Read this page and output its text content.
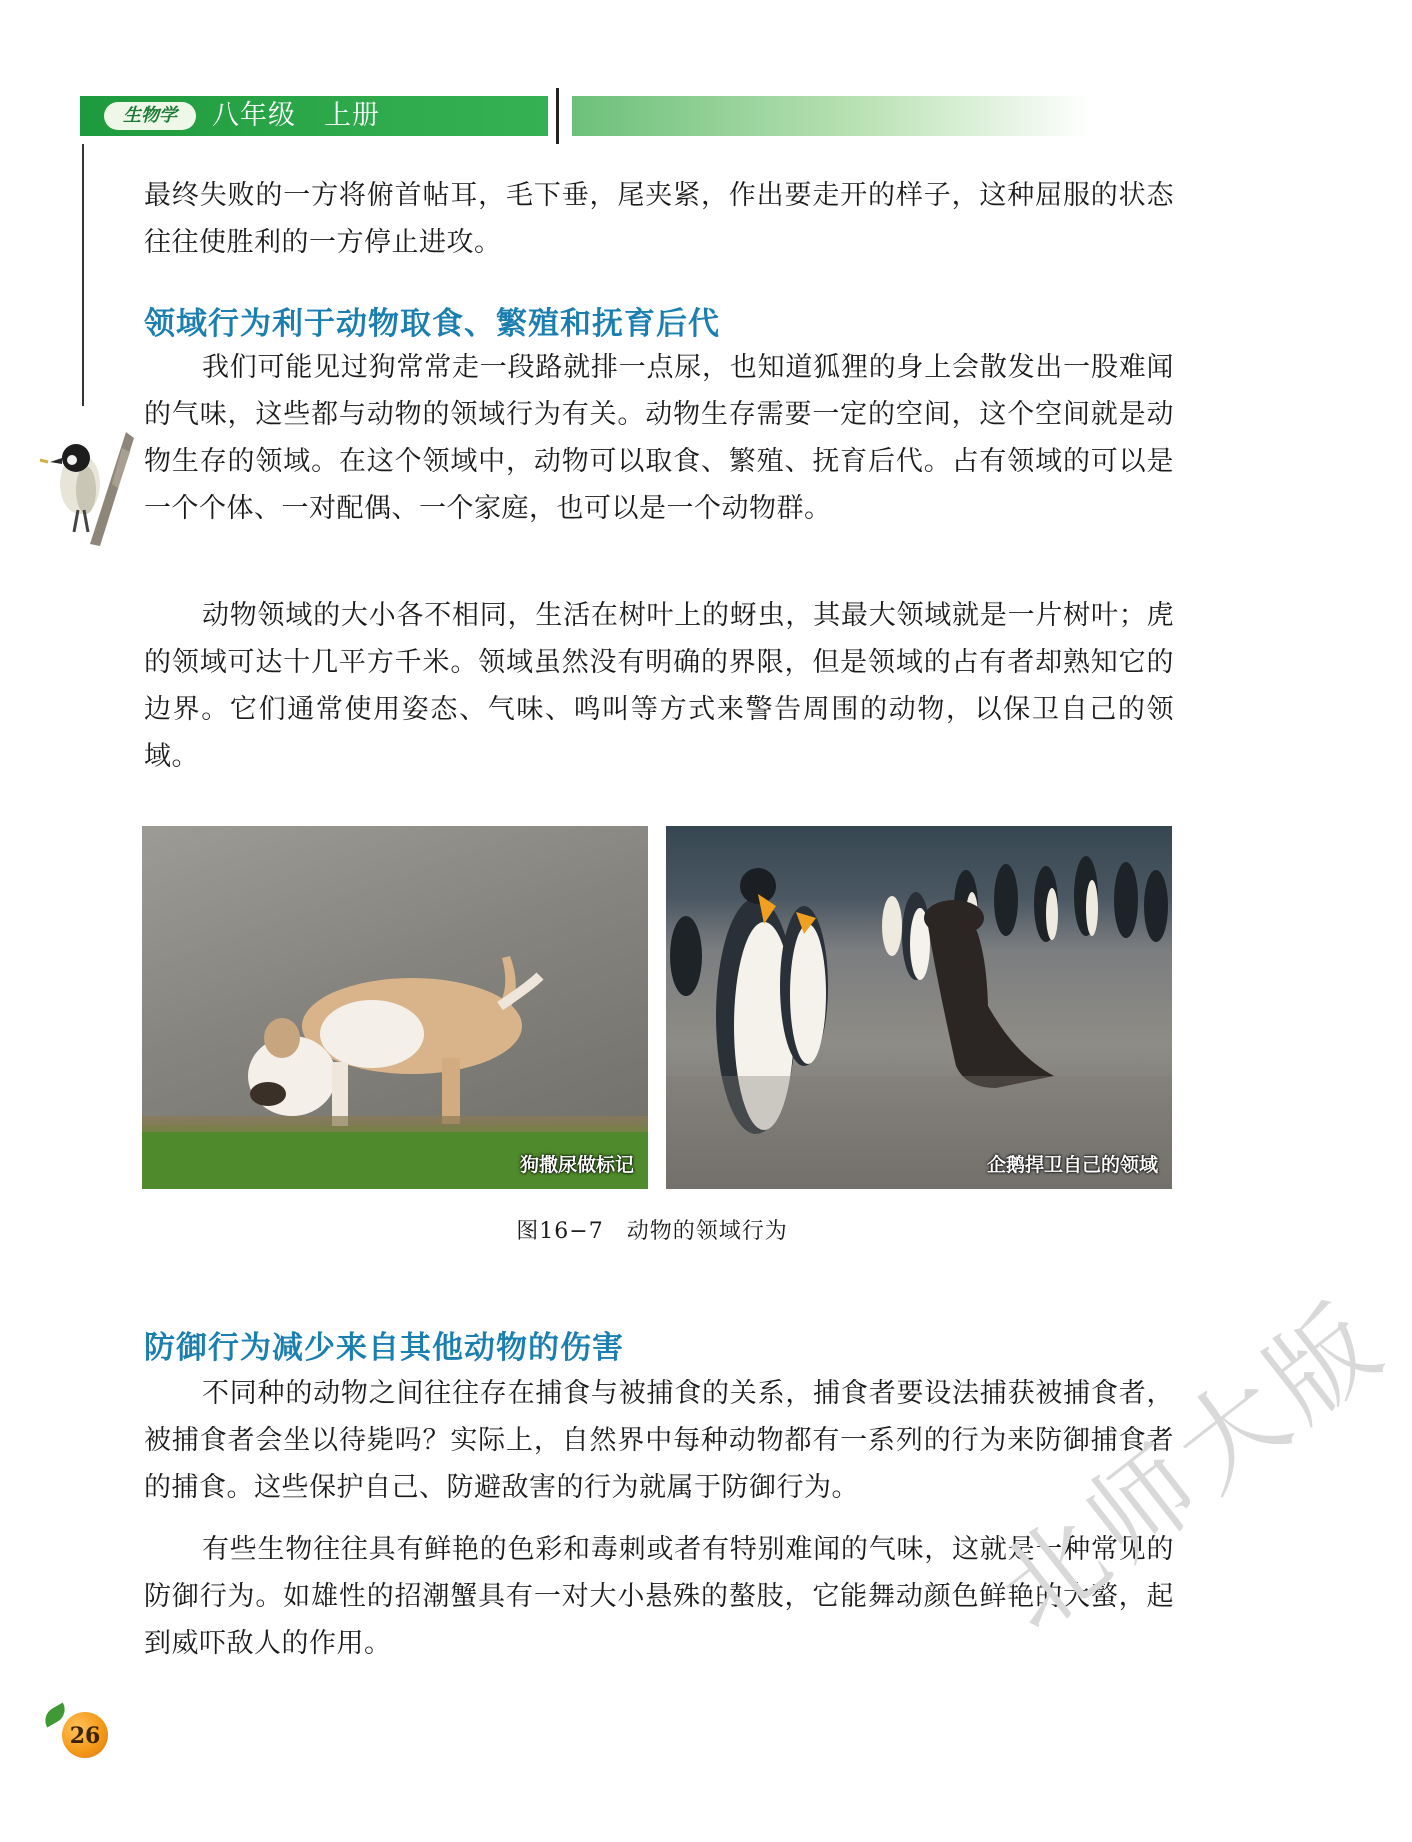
生物学	八年级　上册

最终失败的一方将俯首帖耳，毛下垂，尾夹紧，作出要走开的样子，这种屈服的状态往往使胜利的一方停止进攻。

领域行为利于动物取食、繁殖和抚育后代

我们可能见过狗常常走一段路就排一点尿，也知道狐狸的身上会散发出一股难闻的气味，这些都与动物的领域行为有关。动物生存需要一定的空间，这个空间就是动物生存的领域。在这个领域中，动物可以取食、繁殖、抚育后代。占有领域的可以是一个个体、一对配偶、一个家庭，也可以是一个动物群。

动物领域的大小各不相同，生活在树叶上的蚜虫，其最大领域就是一片树叶；虎的领域可达十几平方千米。领域虽然没有明确的界限，但是领域的占有者却熟知它的边界。它们通常使用姿态、气味、鸣叫等方式来警告周围的动物，以保卫自己的领域。

狗撒尿做标记	企鹅捍卫自己的领域
图16−7　动物的领域行为
防御行为减少来自其他动物的伤害

不同种的动物之间往往存在捕食与被捕食的关系，捕食者要设法捕获被捕食者，被捕食者会坐以待毙吗？实际上，自然界中每种动物都有一系列的行为来防御捕食者的捕食。这些保护自己、防避敌害的行为就属于防御行为。

有些生物往往具有鲜艳的色彩和毒刺或者有特别难闻的气味，这就是一种常见的防御行为。如雄性的招潮蟹具有一对大小悬殊的螯肢，它能舞动颜色鲜艳的大螯，起到威吓敌人的作用。	北师大版
26
